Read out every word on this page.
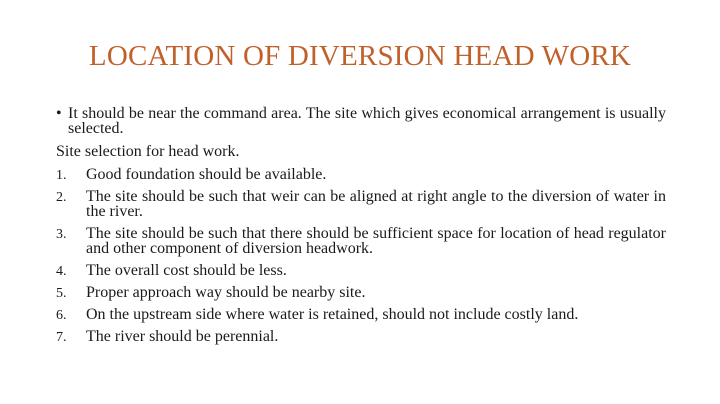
LOCATION OF DIVERSION HEAD WORK
• It should be near the command area. The site which gives economical arrangement is usually selected.
Site selection for head work.
1. Good foundation should be available.
2. The site should be such that weir can be aligned at right angle to the diversion of water in the river.
3. The site should be such that there should be sufficient space for location of head regulator and other component of diversion headwork.
4. The overall cost should be less.
5. Proper approach way should be nearby site.
6. On the upstream side where water is retained, should not include costly land.
7. The river should be perennial.
